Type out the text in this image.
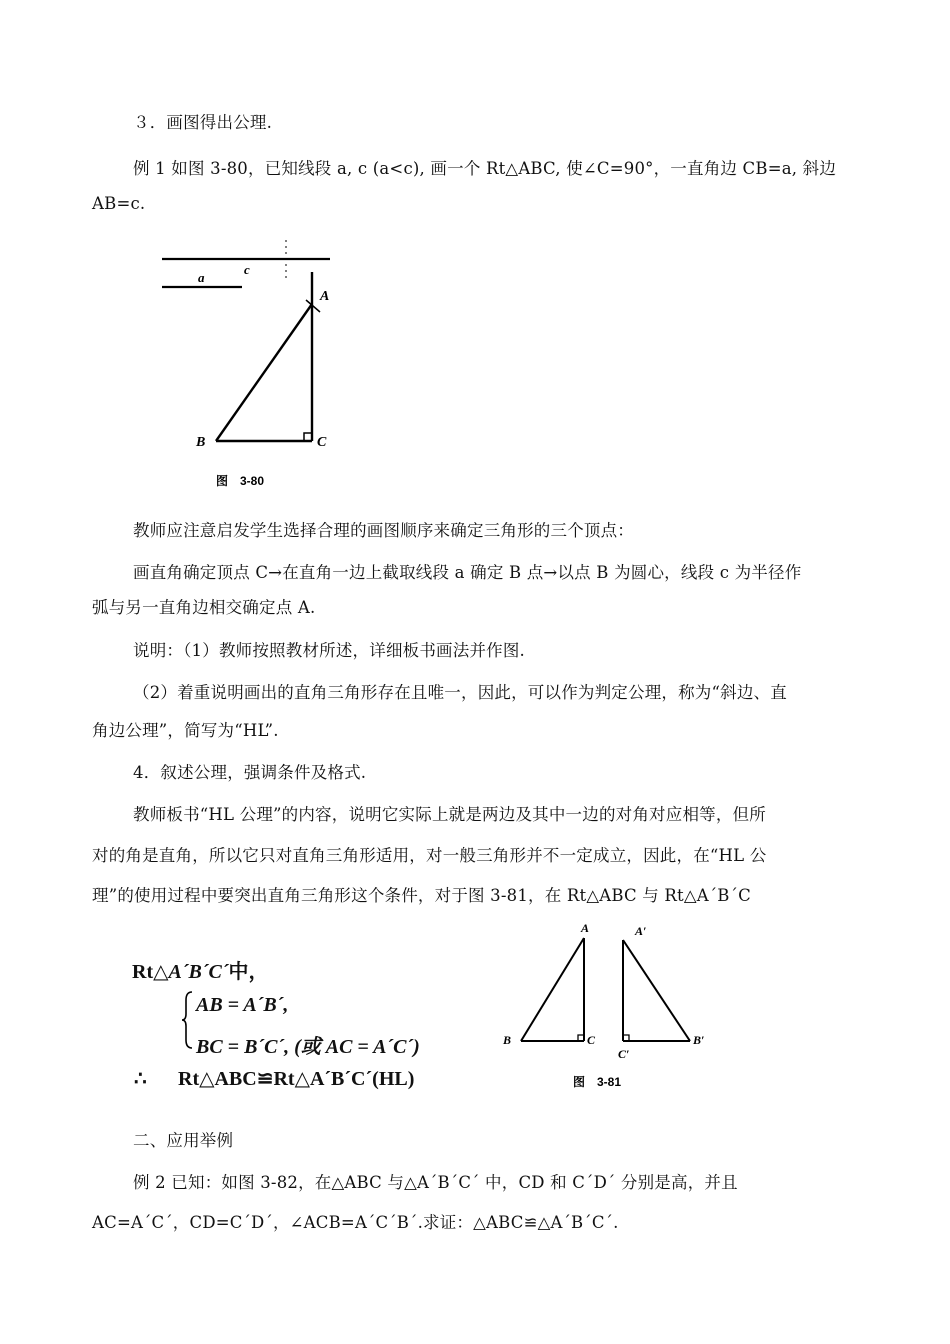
３．画图得出公理.
例 1 如图 3-80，已知线段 a, c (a<c), 画一个 Rt△ABC, 使∠C=90°，一直角边 CB=a, 斜边
AB=c.
c
a
A
B	C
图　3-80
教师应注意启发学生选择合理的画图顺序来确定三角形的三个顶点：
画直角确定顶点 C→在直角一边上截取线段 a 确定 B 点→以点 B 为圆心，线段 c 为半径作
弧与另一直角边相交确定点 A.
说明：（1）教师按照教材所述，详细板书画法并作图.
（2）着重说明画出的直角三角形存在且唯一，因此，可以作为判定公理，称为“斜边、直
角边公理”，简写为“HL”.
4．叙述公理，强调条件及格式.
教师板书“HL 公理”的内容，说明它实际上就是两边及其中一边的对角对应相等，但所
对的角是直角，所以它只对直角三角形适用，对一般三角形并不一定成立，因此，在“HL 公
理”的使用过程中要突出直角三角形这个条件，对于图 3-81，在 Rt△ABC 与 Rt△A´B´C
Rt△A´B´C´中，
AB = A´B´,
BC = B´C´, (或 AC = A´C´)
∴ Rt△ABC≌Rt△A´B´C´(HL)
A
B	C
A′
B′
C′
图　3-81
二、应用举例
例 2 已知：如图 3-82，在△ABC 与△A´B´C´ 中，CD 和 C´D´ 分别是高，并且
AC=A´C´，CD=C´D´，∠ACB=A´C´B´.求证：△ABC≌△A´B´C´.
